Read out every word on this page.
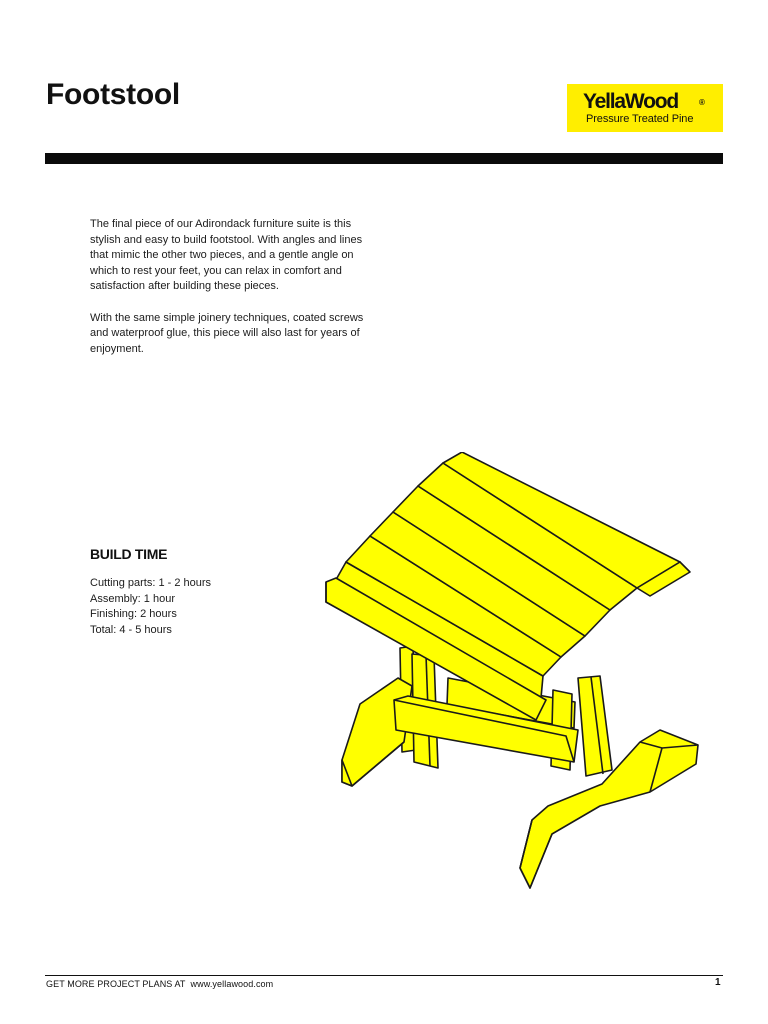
Footstool	YellaWood	®
Pressure Treated Pine

The final piece of our Adirondack furniture suite is this stylish and easy to build footstool. With angles and lines that mimic the other two pieces, and a gentle angle on which to rest your feet, you can relax in comfort and satisfaction after building these pieces.

With the same simple joinery techniques, coated screws and waterproof glue, this piece will also last for years of enjoyment.

BUILD TIME
Cutting parts: 1 - 2 hours
Assembly: 1 hour
Finishing: 2 hours
Total: 4 - 5 hours
GET MORE PROJECT PLANS AT www.yellawood.com	1
